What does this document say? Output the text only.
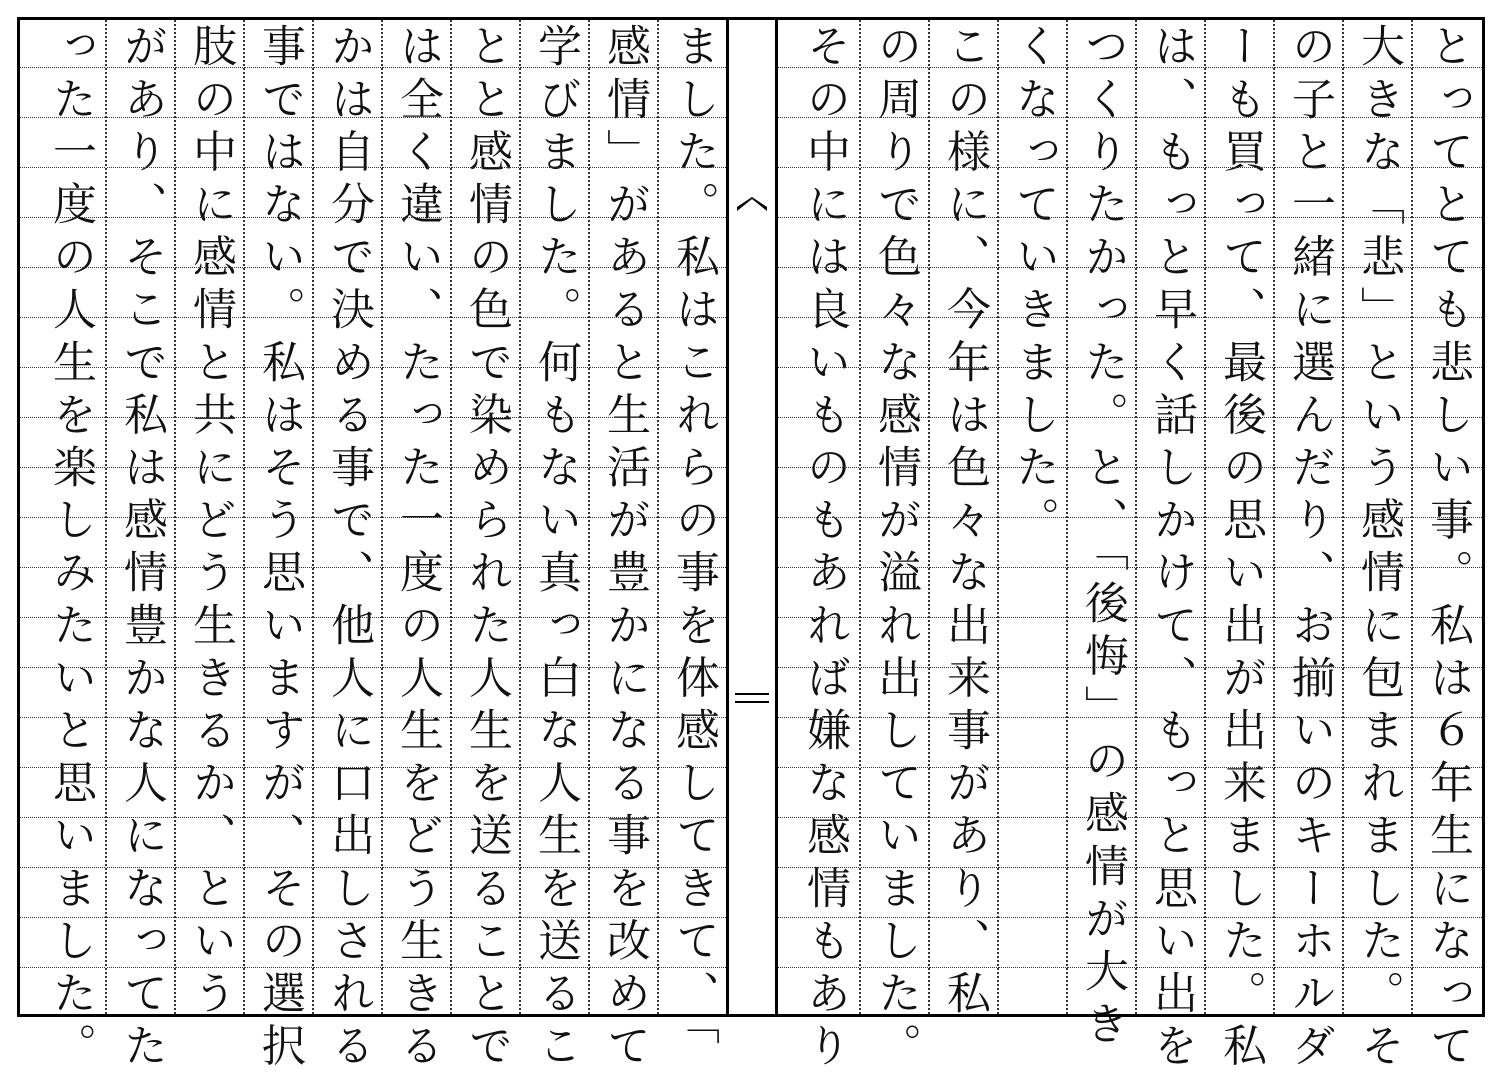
ました。私はこれらの事を体感してきて、「
感情」があると生活が豊かになる事を改めて
学びました。何もない真っ白な人生を送るこ
とと感情の色で染められた人生を送ることで
は全く違い、たった一度の人生をどう生きる
かは自分で決める事で、他人に口出しされる
事ではない。私はそう思いますが、その選択
肢の中に感情と共にどう生きるか、という
があり、そこで私は感情豊かな人になってた
った一度の人生を楽しみたいと思いました。	とってとても悲しい事。私は６年生になって
大きな「悲」という感情に包まれました。そ
の子と一緒に選んだり、お揃いのキーホルダ
ーも買って、最後の思い出が出来ました。私
は、もっと早く話しかけて、もっと思い出を
つくりたかった。と、「後悔」の感情が大き
くなっていきました。
この様に、今年は色々な出来事があり、私
の周りで色々な感情が溢れ出していました。
その中には良いものもあれば嫌な感情もあり
